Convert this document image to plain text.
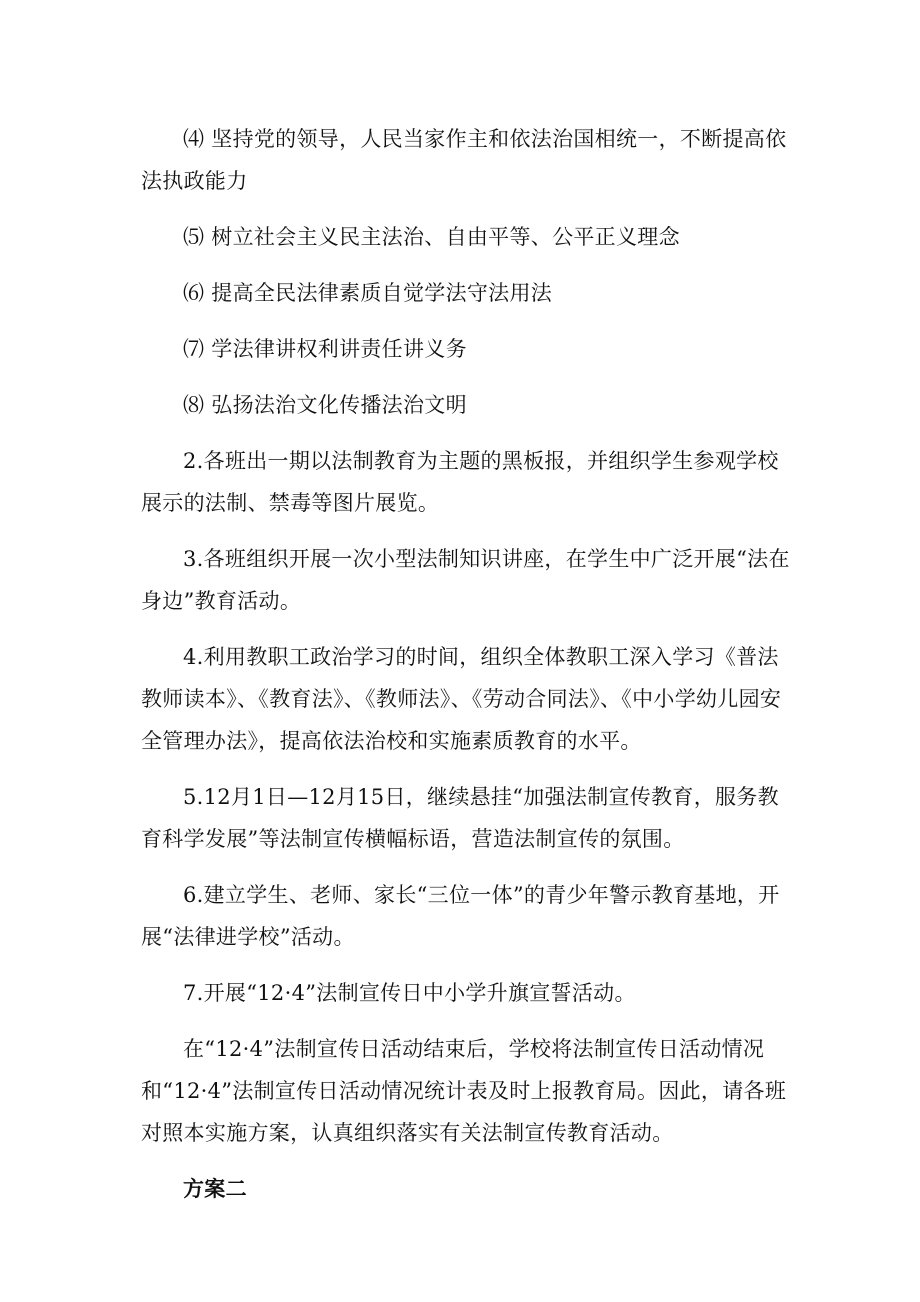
⑷ 坚持党的领导，人民当家作主和依法治国相统一，不断提高依法执政能力

⑸ 树立社会主义民主法治、自由平等、公平正义理念

⑹ 提高全民法律素质自觉学法守法用法

⑺ 学法律讲权利讲责任讲义务

⑻ 弘扬法治文化传播法治文明

2.各班出一期以法制教育为主题的黑板报，并组织学生参观学校展示的法制、禁毒等图片展览。

3.各班组织开展一次小型法制知识讲座，在学生中广泛开展“法在身边”教育活动。

4.利用教职工政治学习的时间，组织全体教职工深入学习《普法教师读本》、《教育法》、《教师法》、《劳动合同法》、《中小学幼儿园安全管理办法》，提高依法治校和实施素质教育的水平。

5.12月1日—12月15日，继续悬挂“加强法制宣传教育，服务教育科学发展”等法制宣传横幅标语，营造法制宣传的氛围。

6.建立学生、老师、家长“三位一体”的青少年警示教育基地，开展“法律进学校”活动。

7.开展“12·4”法制宣传日中小学升旗宣誓活动。

在“12·4”法制宣传日活动结束后，学校将法制宣传日活动情况和“12·4”法制宣传日活动情况统计表及时上报教育局。因此，请各班对照本实施方案，认真组织落实有关法制宣传教育活动。

方案二
